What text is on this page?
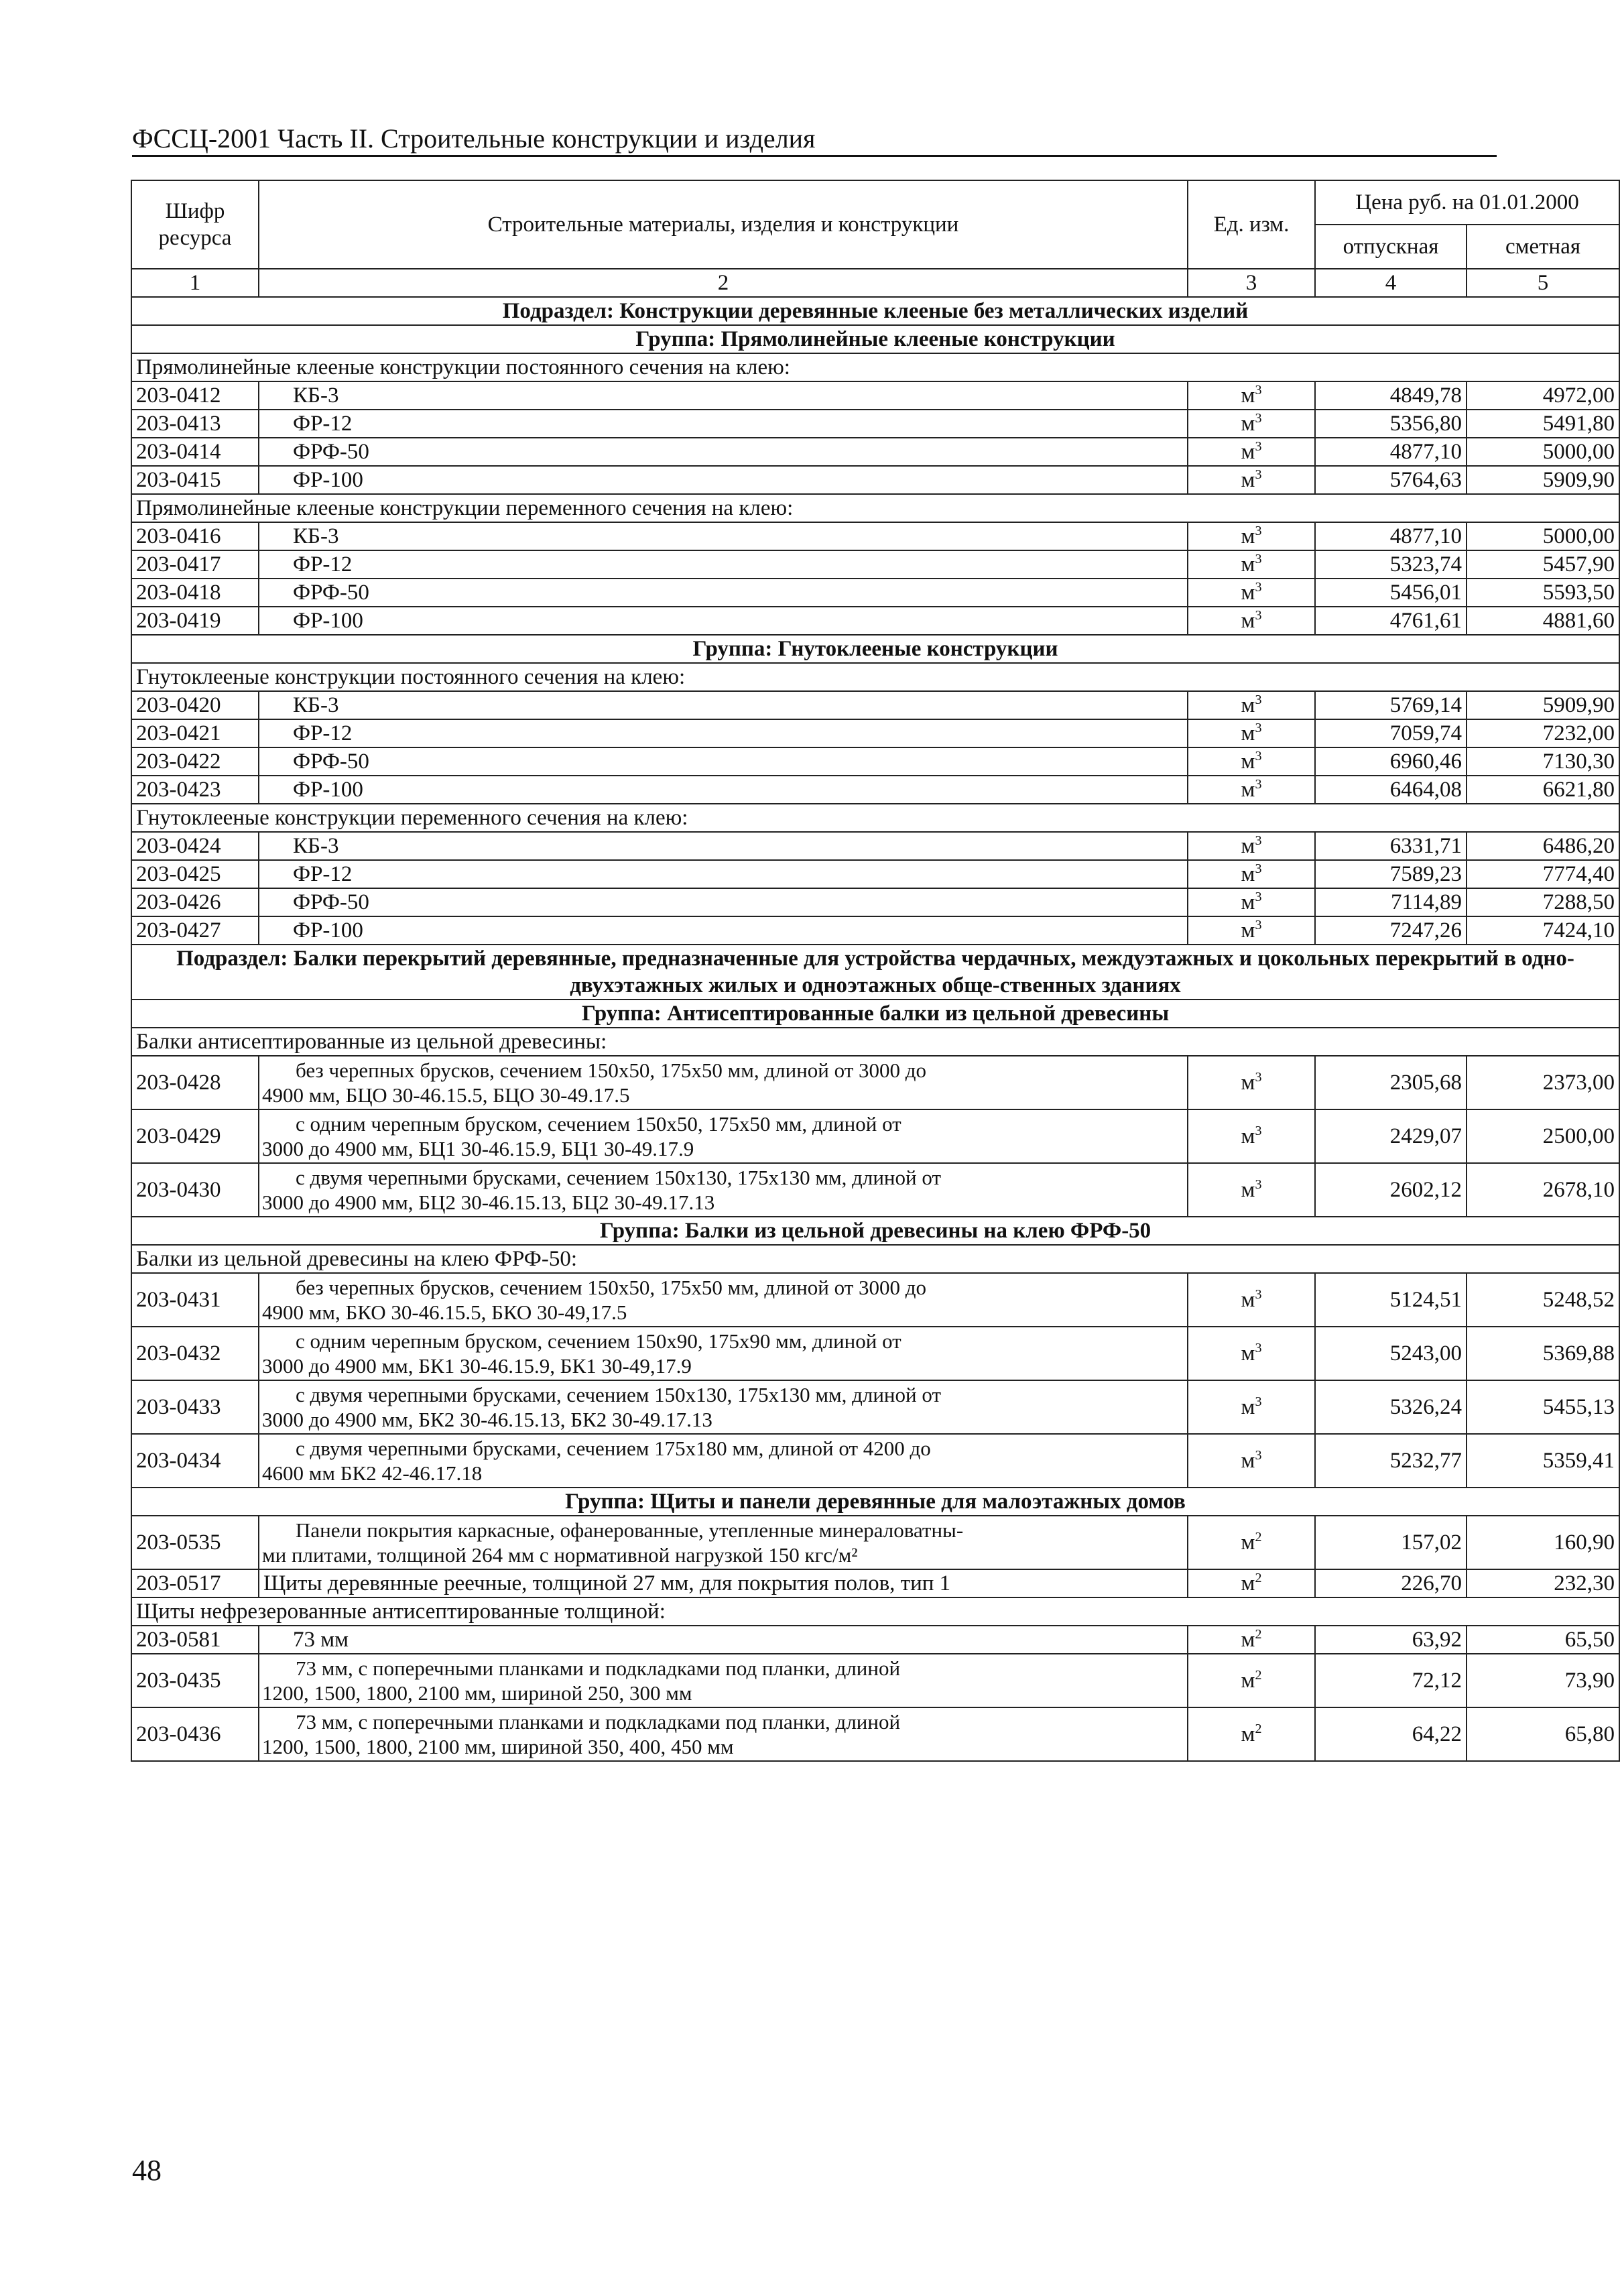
ФССЦ-2001 Часть II. Строительные конструкции и изделия
Шифр ресурса	Строительные материалы, изделия и конструкции	Ед. изм.	Цена руб. на 01.01.2000	
			отпускная	сметная
1	2	3	4	5
Подраздел: Конструкции деревянные клееные без металлических изделий				
Группа: Прямолинейные клееные конструкции				
Прямолинейные клееные конструкции постоянного сечения на клею:				
203-0412	КБ-3	$м^3$	4849,78	4972,00
203-0413	ФР-12	$м^3$	5356,80	5491,80
203-0414	ФРФ-50	$м^3$	4877,10	5000,00
203-0415	ФР-100	$м^3$	5764,63	5909,90
Прямолинейные клееные конструкции переменного сечения на клею:				
203-0416	КБ-3	$м^3$	4877,10	5000,00
203-0417	ФР-12	$м^3$	5323,74	5457,90
203-0418	ФРФ-50	$м^3$	5456,01	5593,50
203-0419	ФР-100	$м^3$	4761,61	4881,60
Группа: Гнутоклееные конструкции				
Гнутоклееные конструкции постоянного сечения на клею:				
203-0420	КБ-3	$м^3$	5769,14	5909,90
203-0421	ФР-12	$м^3$	7059,74	7232,00
203-0422	ФРФ-50	$м^3$	6960,46	7130,30
203-0423	ФР-100	$м^3$	6464,08	6621,80
Гнутоклееные конструкции переменного сечения на клею:				
203-0424	КБ-3	$м^3$	6331,71	6486,20
203-0425	ФР-12	$м^3$	7589,23	7774,40
203-0426	ФРФ-50	$м^3$	7114,89	7288,50
203-0427	ФР-100	$м^3$	7247,26	7424,10
Подраздел: Балки перекрытий деревянные, предназначенные для устройства чердачных, междуэтажных и цокольных перекрытий в одно- двухэтажных жилых и одноэтажных обще-ственных зданиях				
Группа: Антисептированные балки из цельной древесины				
Балки антисептированные из цельной древесины:				
203-0428	без черепных брусков, сечением 150х50, 175х50 мм, длиной от 3000 до
4900 мм, БЦО 30-46.15.5, БЦО 30-49.17.5	$м^3$	2305,68	2373,00
203-0429	с одним черепным бруском, сечением 150х50, 175х50 мм, длиной от
3000 до 4900 мм, БЦ1 30-46.15.9, БЦ1 30-49.17.9	$м^3$	2429,07	2500,00
203-0430	с двумя черепными брусками, сечением 150х130, 175х130 мм, длиной от
3000 до 4900 мм, БЦ2 30-46.15.13, БЦ2 30-49.17.13	$м^3$	2602,12	2678,10
Группа: Балки из цельной древесины на клею ФРФ-50				
Балки из цельной древесины на клею ФРФ-50:				
203-0431	без черепных брусков, сечением 150х50, 175х50 мм, длиной от 3000 до
4900 мм, БКО 30-46.15.5, БКО 30-49,17.5	$м^3$	5124,51	5248,52
203-0432	с одним черепным бруском, сечением 150х90, 175х90 мм, длиной от
3000 до 4900 мм, БК1 30-46.15.9, БК1 30-49,17.9	$м^3$	5243,00	5369,88
203-0433	с двумя черепными брусками, сечением 150х130, 175х130 мм, длиной от
3000 до 4900 мм, БК2 30-46.15.13, БК2 30-49.17.13	$м^3$	5326,24	5455,13
203-0434	с двумя черепными брусками, сечением 175х180 мм, длиной от 4200 до
4600 мм БК2 42-46.17.18	$м^3$	5232,77	5359,41
Группа: Щиты и панели деревянные для малоэтажных домов				
203-0535	Панели покрытия каркасные, офанерованные, утепленные минераловатны-
ми плитами, толщиной 264 мм с нормативной нагрузкой 150 кгс/м²	$м^2$	157,02	160,90
203-0517	Щиты деревянные реечные, толщиной 27 мм, для покрытия полов, тип 1	$м^2$	226,70	232,30
Щиты нефрезерованные антисептированные толщиной:				
203-0581	73 мм	$м^2$	63,92	65,50
203-0435	73 мм, с поперечными планками и подкладками под планки, длиной
1200, 1500, 1800, 2100 мм, шириной 250, 300 мм	$м^2$	72,12	73,90
203-0436	73 мм, с поперечными планками и подкладками под планки, длиной
1200, 1500, 1800, 2100 мм, шириной 350, 400, 450 мм	$м^2$	64,22	65,80
48
